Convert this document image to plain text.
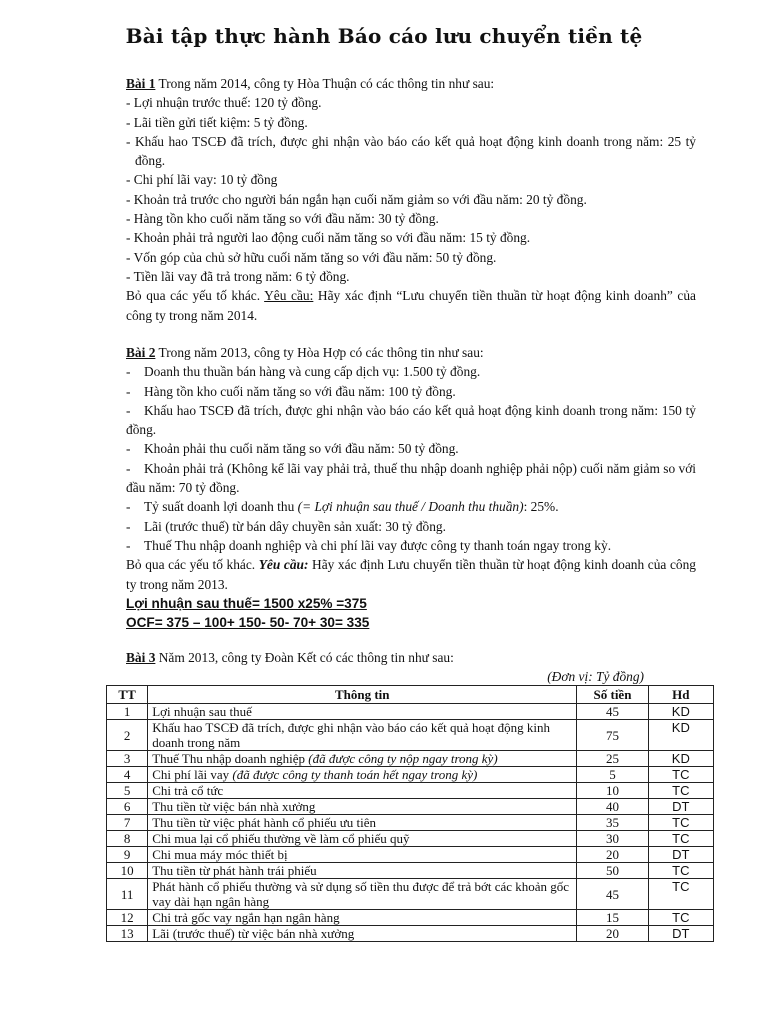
Bài tập thực hành Báo cáo lưu chuyển tiền tệ

Bài 1 Trong năm 2014, công ty Hòa Thuận có các thông tin như sau:

- Lợi nhuận trước thuế: 120 tỷ đồng.

- Lãi tiền gửi tiết kiệm: 5 tỷ đồng.

- Khấu hao TSCĐ đã trích, được ghi nhận vào báo cáo kết quả hoạt động kinh doanh trong năm: 25 tỷ đồng.

- Chi phí lãi vay: 10 tỷ đồng

- Khoản trả trước cho người bán ngắn hạn cuối năm giảm so với đầu năm: 20 tỷ đồng.

- Hàng tồn kho cuối năm tăng so với đầu năm: 30 tỷ đồng.

- Khoản phải trả người lao động cuối năm tăng so với đầu năm: 15 tỷ đồng.

- Vốn góp của chủ sở hữu cuối năm tăng so với đầu năm: 50 tỷ đồng.

- Tiền lãi vay đã trả trong năm: 6 tỷ đồng.

Bỏ qua các yếu tố khác. Yêu cầu: Hãy xác định “Lưu chuyển tiền thuần từ hoạt động kinh doanh” của công ty trong năm 2014.

Bài 2 Trong năm 2013, công ty Hòa Hợp có các thông tin như sau:

- Doanh thu thuần bán hàng và cung cấp dịch vụ: 1.500 tỷ đồng.

- Hàng tồn kho cuối năm tăng so với đầu năm: 100 tỷ đồng.

- Khấu hao TSCĐ đã trích, được ghi nhận vào báo cáo kết quả hoạt động kinh doanh trong năm: 150 tỷ đồng.

- Khoản phải thu cuối năm tăng so với đầu năm: 50 tỷ đồng.

- Khoản phải trả (Không kể lãi vay phải trả, thuế thu nhập doanh nghiệp phải nộp) cuối năm giảm so với đầu năm: 70 tỷ đồng.

- Tỷ suất doanh lợi doanh thu (= Lợi nhuận sau thuế / Doanh thu thuần): 25%.

- Lãi (trước thuế) từ bán dây chuyền sản xuất: 30 tỷ đồng.

- Thuế Thu nhập doanh nghiệp và chi phí lãi vay được công ty thanh toán ngay trong kỳ.

Bỏ qua các yếu tố khác. Yêu cầu: Hãy xác định Lưu chuyển tiền thuần từ hoạt động kinh doanh của công ty trong năm 2013.

Lợi nhuận sau thuế= 1500 x25% =375

OCF= 375 – 100+ 150- 50- 70+ 30= 335

Bài 3 Năm 2013, công ty Đoàn Kết có các thông tin như sau:

(Đơn vị: Tỷ đồng)

TT	Thông tin	Số tiền	Hd
1	Lợi nhuận sau thuế	45	KD
2	Khấu hao TSCĐ đã trích, được ghi nhận vào báo cáo kết quả hoạt động kinh doanh trong năm	75	KD
3	Thuế Thu nhập doanh nghiệp (đã được công ty nộp ngay trong kỳ)	25	KD
4	Chi phí lãi vay (đã được công ty thanh toán hết ngay trong kỳ)	5	TC
5	Chi trả cổ tức	10	TC
6	Thu tiền từ việc bán nhà xưởng	40	DT
7	Thu tiền từ việc phát hành cổ phiếu ưu tiên	35	TC
8	Chi mua lại cổ phiếu thường về làm cổ phiếu quỹ	30	TC
9	Chi mua máy móc thiết bị	20	DT
10	Thu tiền từ phát hành trái phiếu	50	TC
11	Phát hành cổ phiếu thường và sử dụng số tiền thu được để trả bớt các khoản gốc vay dài hạn ngân hàng	45	TC
12	Chi trả gốc vay ngắn hạn ngân hàng	15	TC
13	Lãi (trước thuế) từ việc bán nhà xưởng	20	DT
